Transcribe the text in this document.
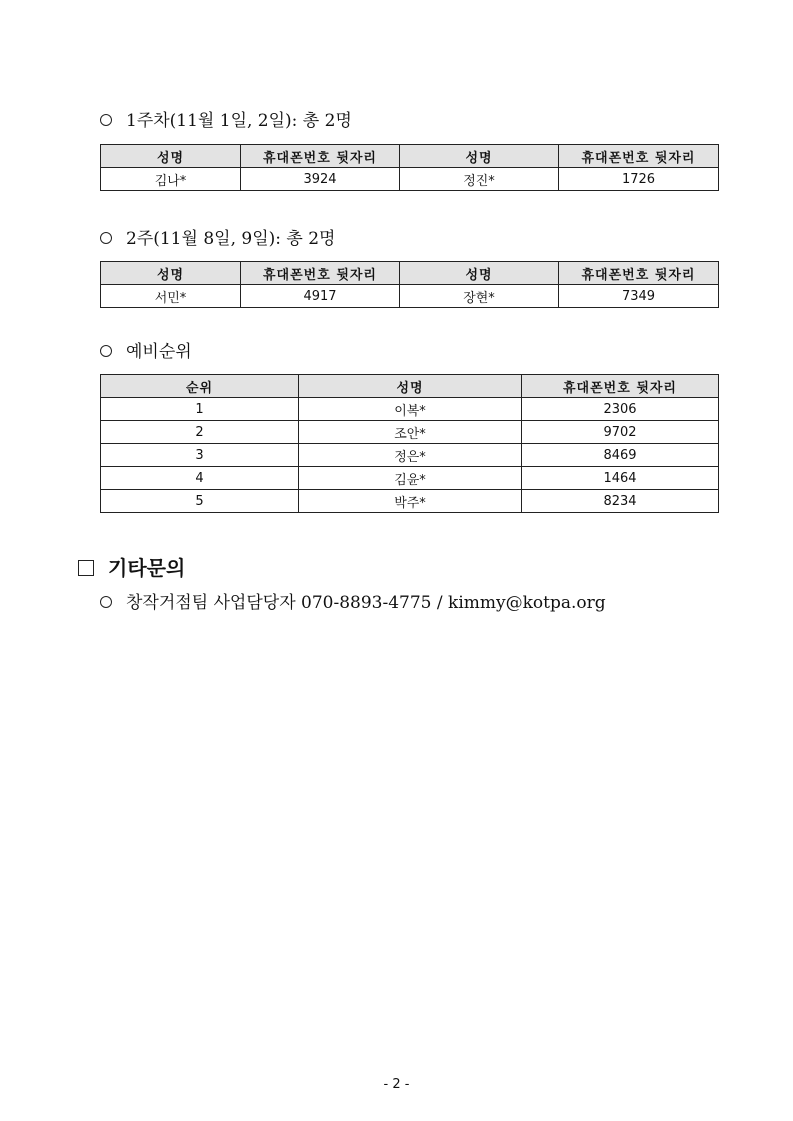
1주차(11월 1일, 2일): 총 2명
성명	휴대폰번호 뒷자리	성명	휴대폰번호 뒷자리
김나*	3924	정진*	1726
2주(11월 8일, 9일): 총 2명
성명	휴대폰번호 뒷자리	성명	휴대폰번호 뒷자리
서민*	4917	장현*	7349
예비순위
순위	성명	휴대폰번호 뒷자리
1	이복*	2306
2	조안*	9702
3	정은*	8469
4	김윤*	1464
5	박주*	8234
기타문의
창작거점팀 사업담당자 070-8893-4775 / kimmy@kotpa.org
- 2 -
